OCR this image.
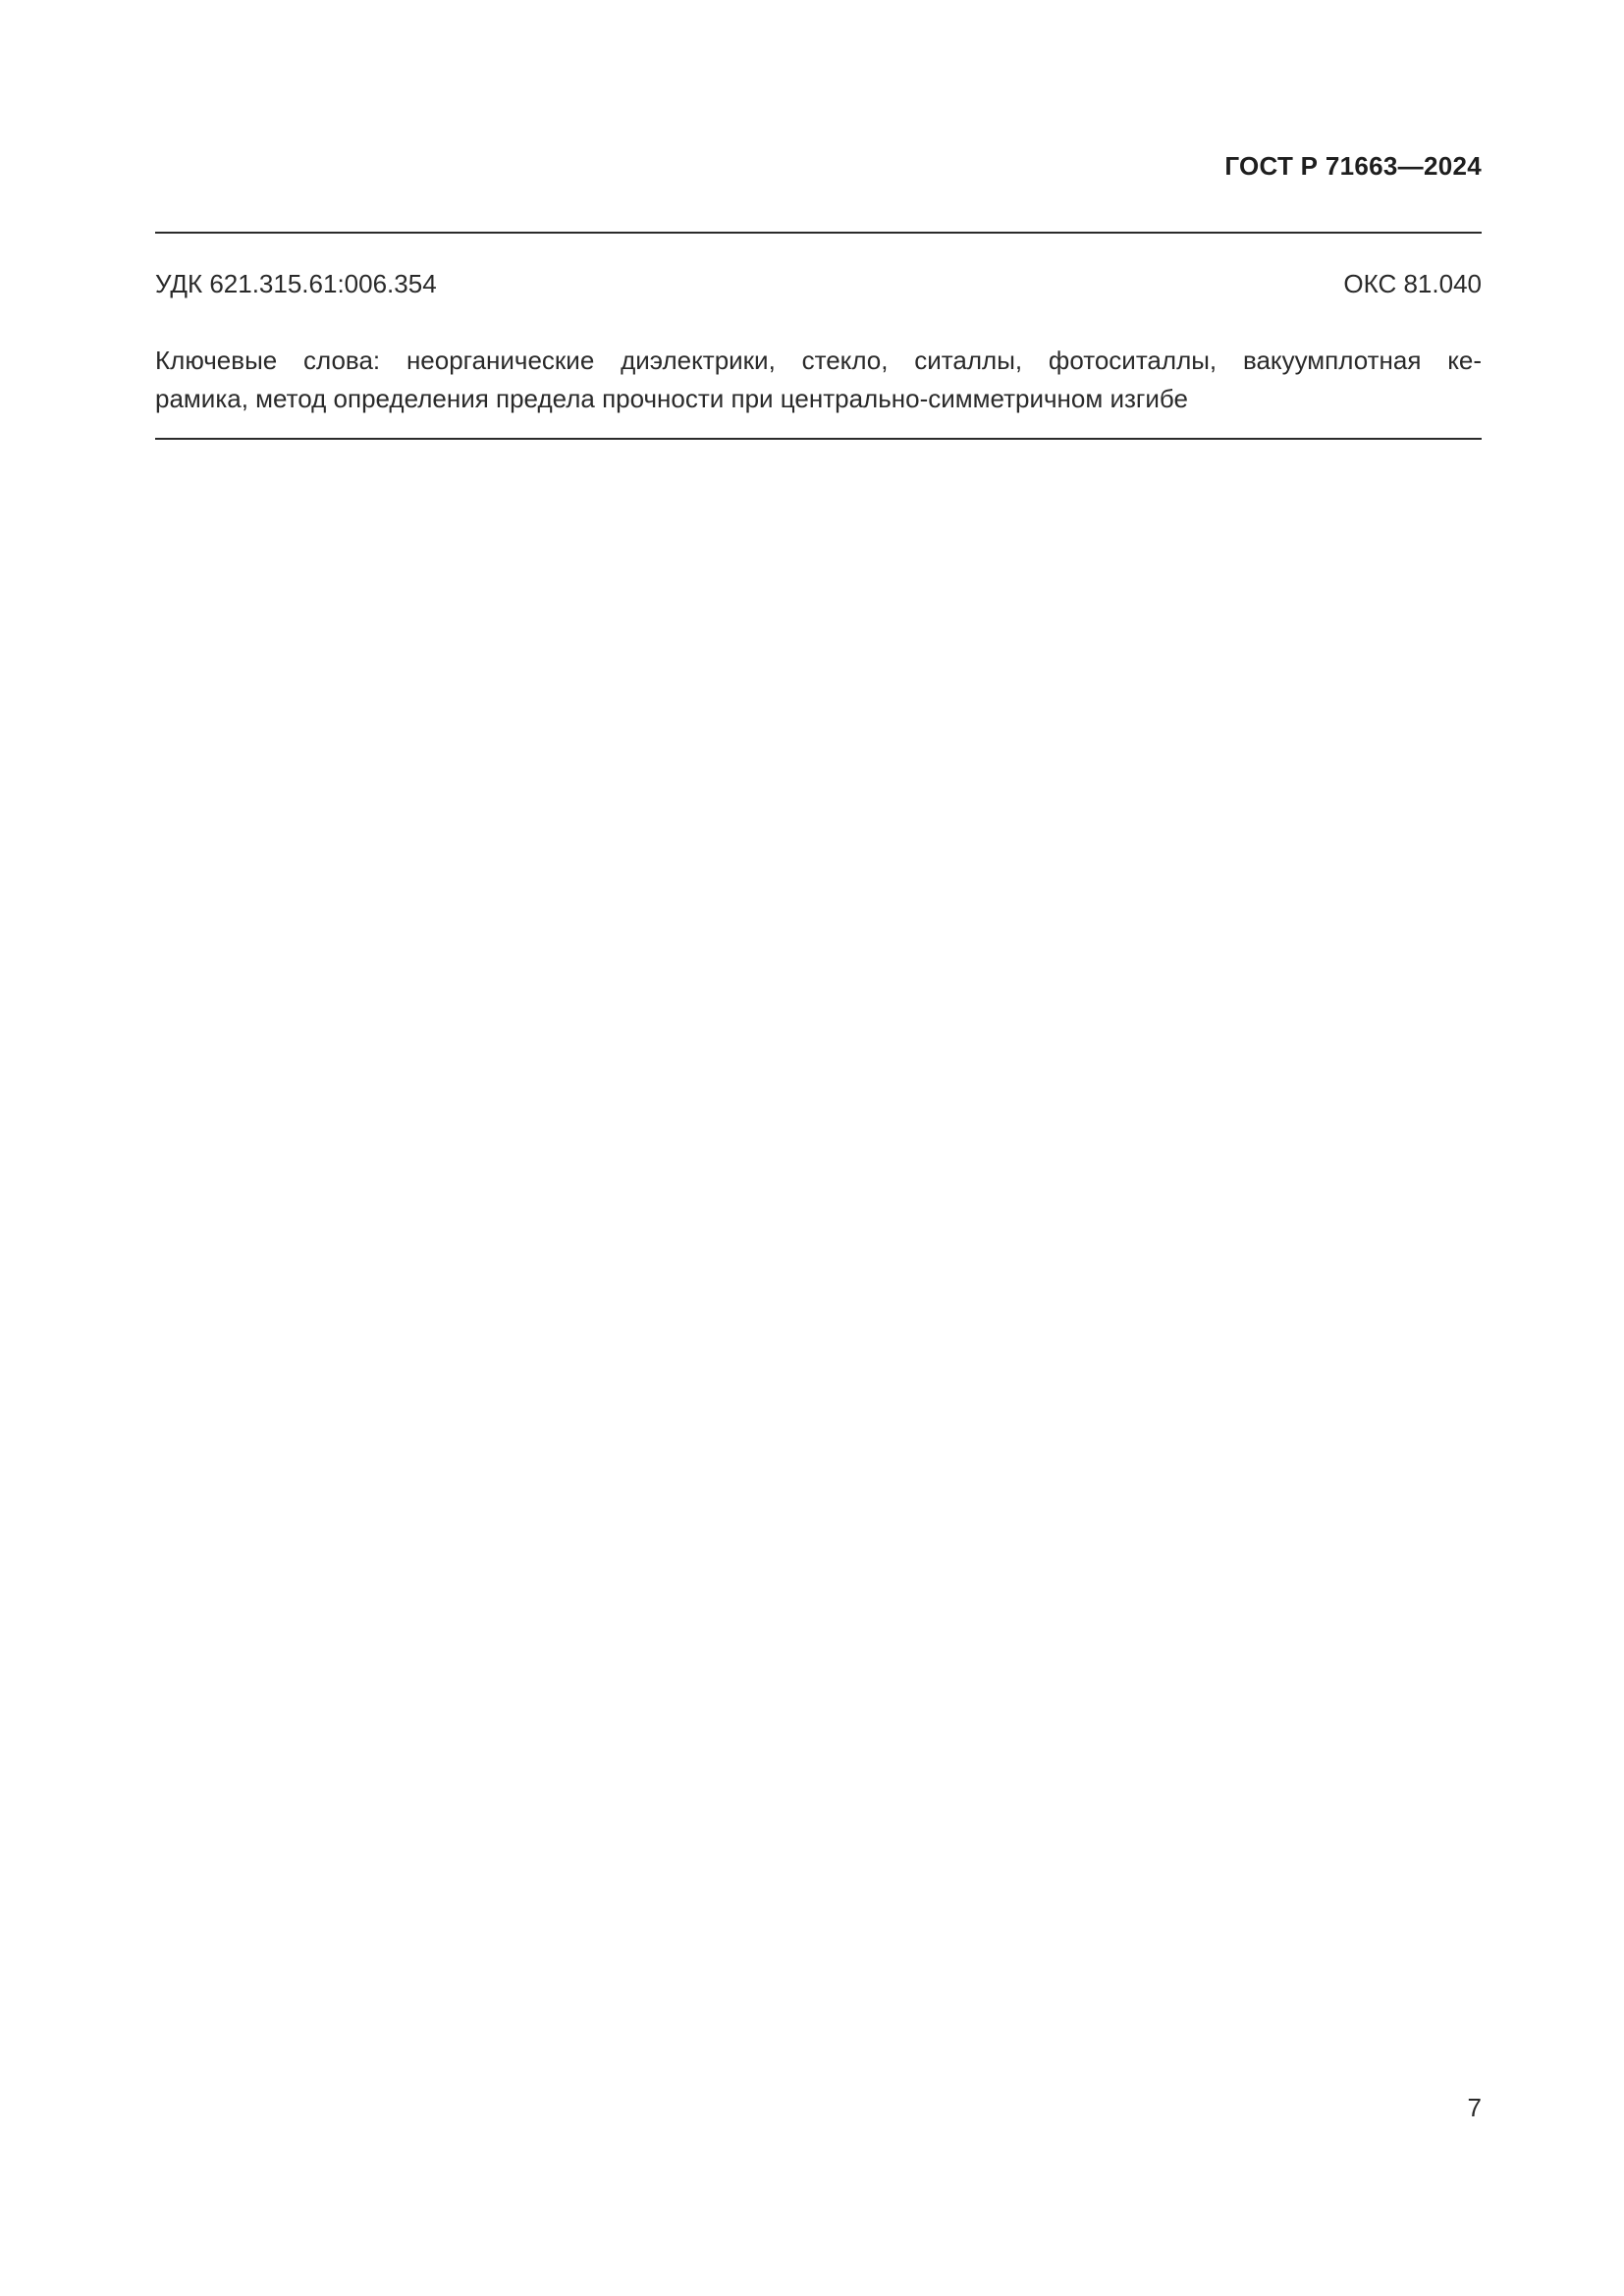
ГОСТ Р 71663—2024
УДК 621.315.61:006.354	ОКС 81.040
Ключевые слова: неорганические диэлектрики, стекло, ситаллы, фотоситаллы, вакуумплотная ке-
рамика, метод определения предела прочности при центрально-симметричном изгибе
7
